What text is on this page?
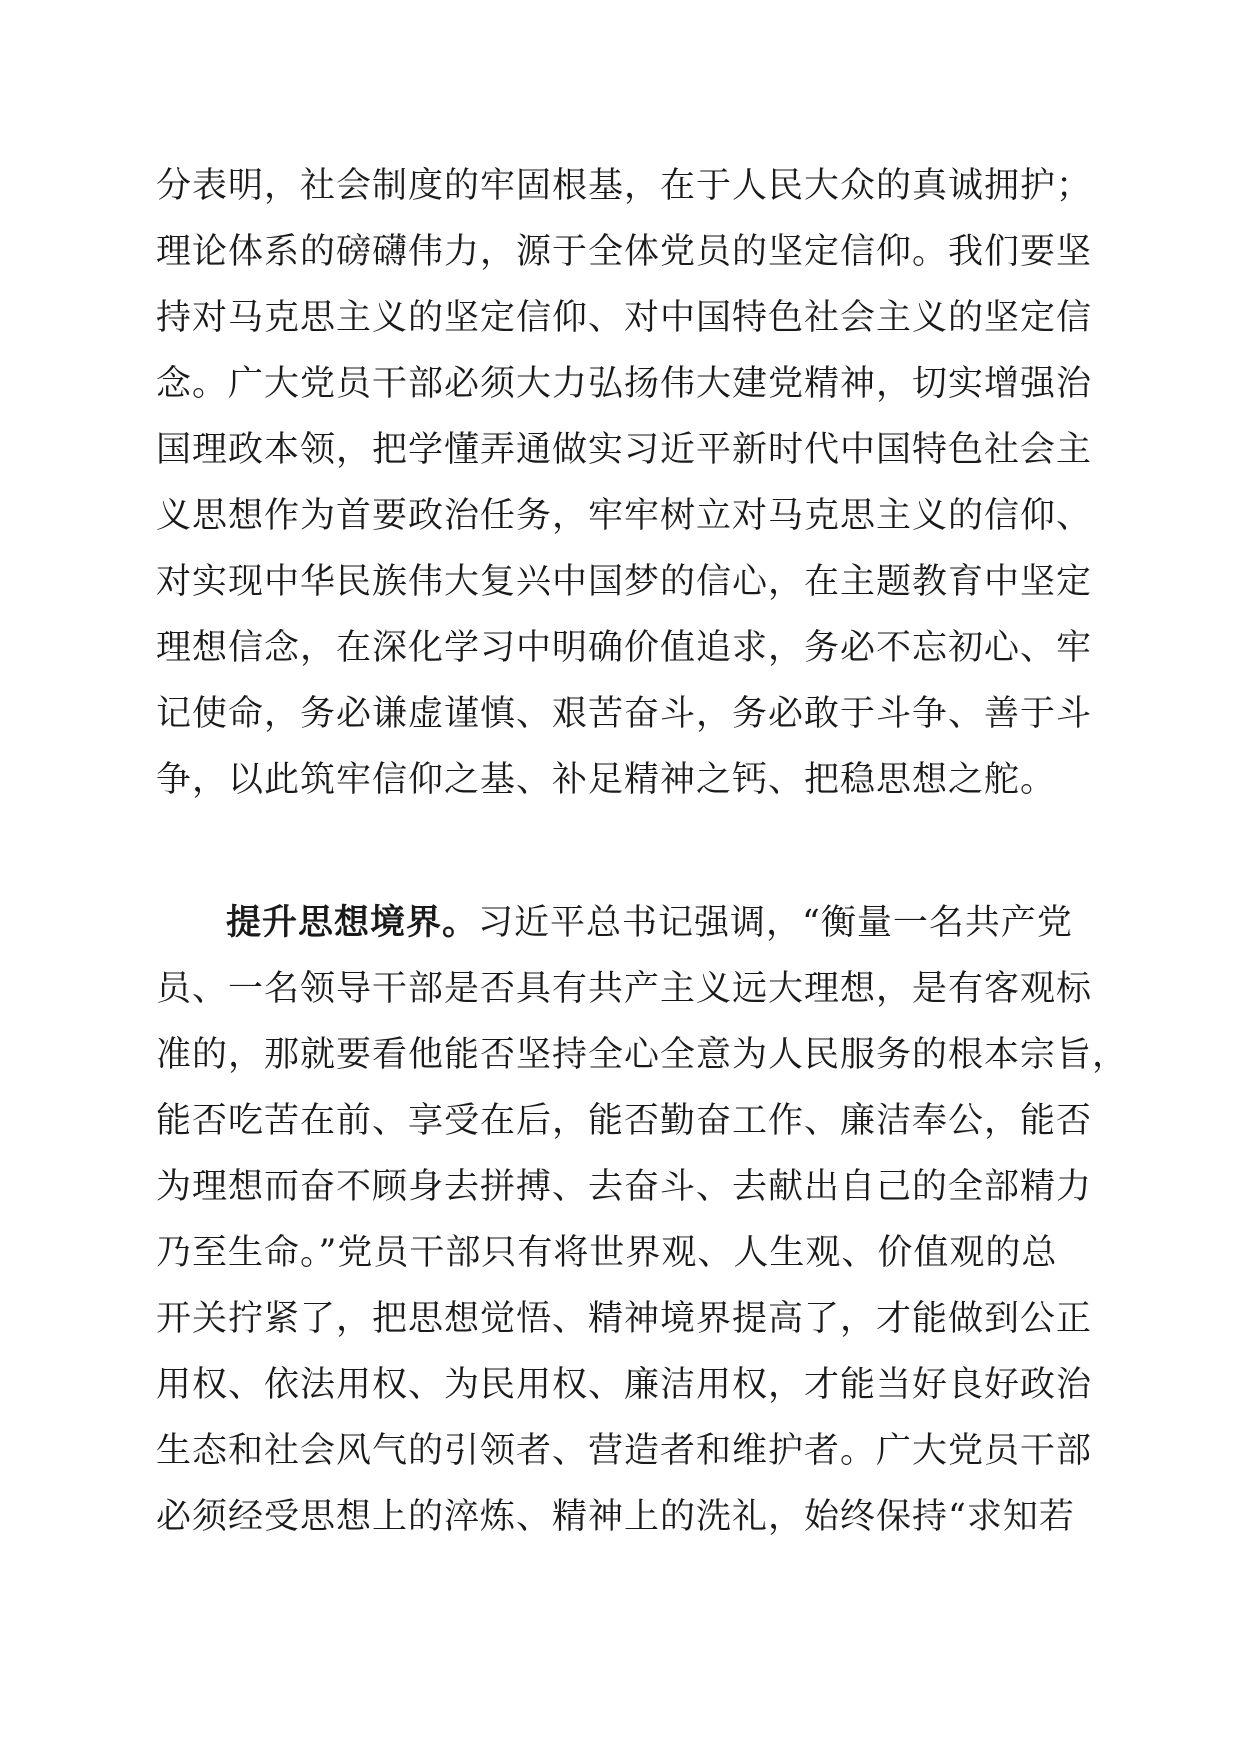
分表明，社会制度的牢固根基，在于人民大众的真诚拥护；
理论体系的磅礴伟力，源于全体党员的坚定信仰。我们要坚
持对马克思主义的坚定信仰、对中国特色社会主义的坚定信
念。广大党员干部必须大力弘扬伟大建党精神，切实增强治
国理政本领，把学懂弄通做实习近平新时代中国特色社会主
义思想作为首要政治任务，牢牢树立对马克思主义的信仰、
对实现中华民族伟大复兴中国梦的信心，在主题教育中坚定
理想信念，在深化学习中明确价值追求，务必不忘初心、牢
记使命，务必谦虚谨慎、艰苦奋斗，务必敢于斗争、善于斗
争，以此筑牢信仰之基、补足精神之钙、把稳思想之舵。
提升思想境界。习近平总书记强调，“衡量一名共产党
员、一名领导干部是否具有共产主义远大理想，是有客观标
准的，那就要看他能否坚持全心全意为人民服务的根本宗旨，
能否吃苦在前、享受在后，能否勤奋工作、廉洁奉公，能否
为理想而奋不顾身去拼搏、去奋斗、去献出自己的全部精力
乃至生命。”党员干部只有将世界观、人生观、价值观的总
开关拧紧了，把思想觉悟、精神境界提高了，才能做到公正
用权、依法用权、为民用权、廉洁用权，才能当好良好政治
生态和社会风气的引领者、营造者和维护者。广大党员干部
必须经受思想上的淬炼、精神上的洗礼，始终保持“求知若
